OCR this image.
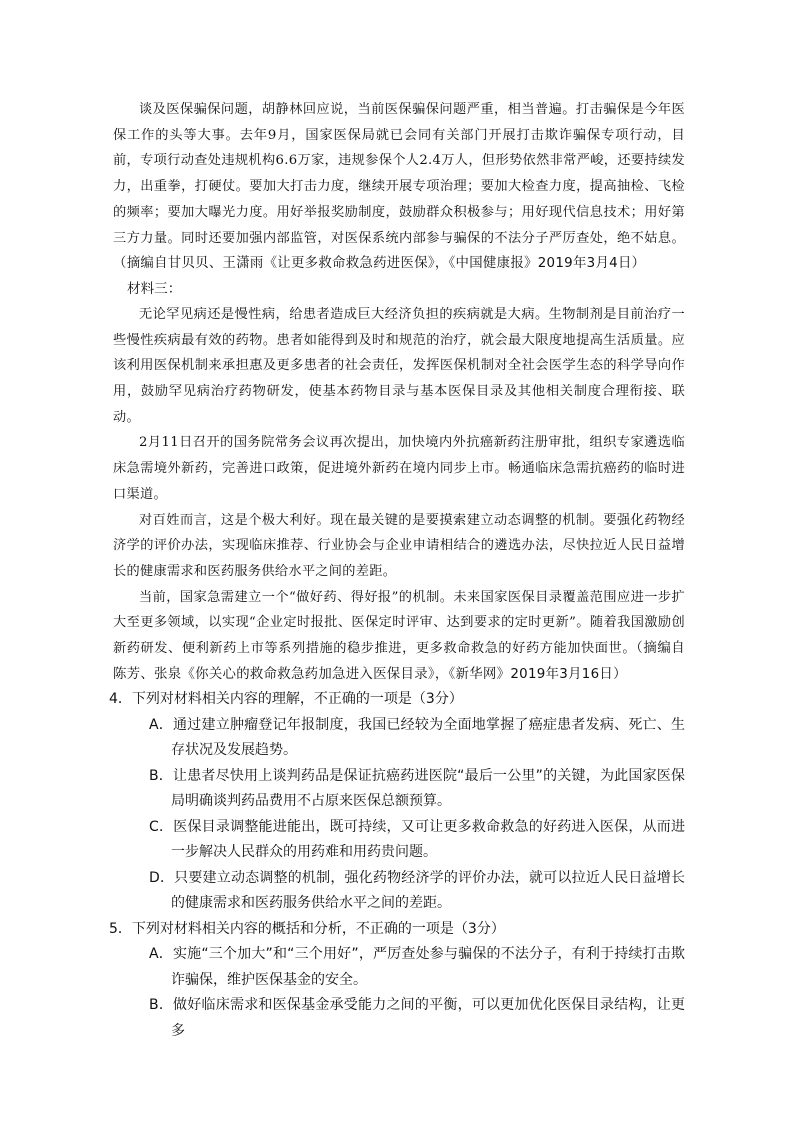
谈及医保骗保问题，胡静林回应说，当前医保骗保问题严重，相当普遍。打击骗保是今年医保工作的头等大事。去年9月，国家医保局就已会同有关部门开展打击欺诈骗保专项行动，目前，专项行动查处违规机构6.6万家，违规参保个人2.4万人，但形势依然非常严峻，还要持续发力，出重拳，打硬仗。要加大打击力度，继续开展专项治理；要加大检查力度，提高抽检、飞检的频率；要加大曝光力度。用好举报奖励制度，鼓励群众积极参与；用好现代信息技术；用好第三方力量。同时还要加强内部监管，对医保系统内部参与骗保的不法分子严厉查处，绝不姑息。（摘编自甘贝贝、王潇雨《让更多救命救急药进医保》，《中国健康报》2019年3月4日）

材料三：

无论罕见病还是慢性病，给患者造成巨大经济负担的疾病就是大病。生物制剂是目前治疗一些慢性疾病最有效的药物。患者如能得到及时和规范的治疗，就会最大限度地提高生活质量。应该利用医保机制来承担惠及更多患者的社会责任，发挥医保机制对全社会医学生态的科学导向作用，鼓励罕见病治疗药物研发，使基本药物目录与基本医保目录及其他相关制度合理衔接、联动。

2月11日召开的国务院常务会议再次提出，加快境内外抗癌新药注册审批，组织专家遴选临床急需境外新药，完善进口政策，促进境外新药在境内同步上市。畅通临床急需抗癌药的临时进口渠道。

对百姓而言，这是个极大利好。现在最关键的是要摸索建立动态调整的机制。要强化药物经济学的评价办法，实现临床推荐、行业协会与企业申请相结合的遴选办法，尽快拉近人民日益增长的健康需求和医药服务供给水平之间的差距。

当前，国家急需建立一个“做好药、得好报”的机制。未来国家医保目录覆盖范围应进一步扩大至更多领域，以实现“企业定时报批、医保定时评审、达到要求的定时更新”。随着我国激励创新药研发、便利新药上市等系列措施的稳步推进，更多救命救急的好药方能加快面世。（摘编自陈芳、张泉《你关心的救命救急药加急进入医保目录》，《新华网》2019年3月16日）

4．下列对材料相关内容的理解，不正确的一项是（3分）

A．通过建立肿瘤登记年报制度，我国已经较为全面地掌握了癌症患者发病、死亡、生存状况及发展趋势。

B．让患者尽快用上谈判药品是保证抗癌药进医院“最后一公里”的关键，为此国家医保局明确谈判药品费用不占原来医保总额预算。

C．医保目录调整能进能出，既可持续，又可让更多救命救急的好药进入医保，从而进一步解决人民群众的用药难和用药贵问题。

D．只要建立动态调整的机制，强化药物经济学的评价办法，就可以拉近人民日益增长的健康需求和医药服务供给水平之间的差距。

5．下列对材料相关内容的概括和分析，不正确的一项是（3分）

A．实施“三个加大”和“三个用好”，严厉查处参与骗保的不法分子，有利于持续打击欺诈骗保，维护医保基金的安全。

B．做好临床需求和医保基金承受能力之间的平衡，可以更加优化医保目录结构，让更多
